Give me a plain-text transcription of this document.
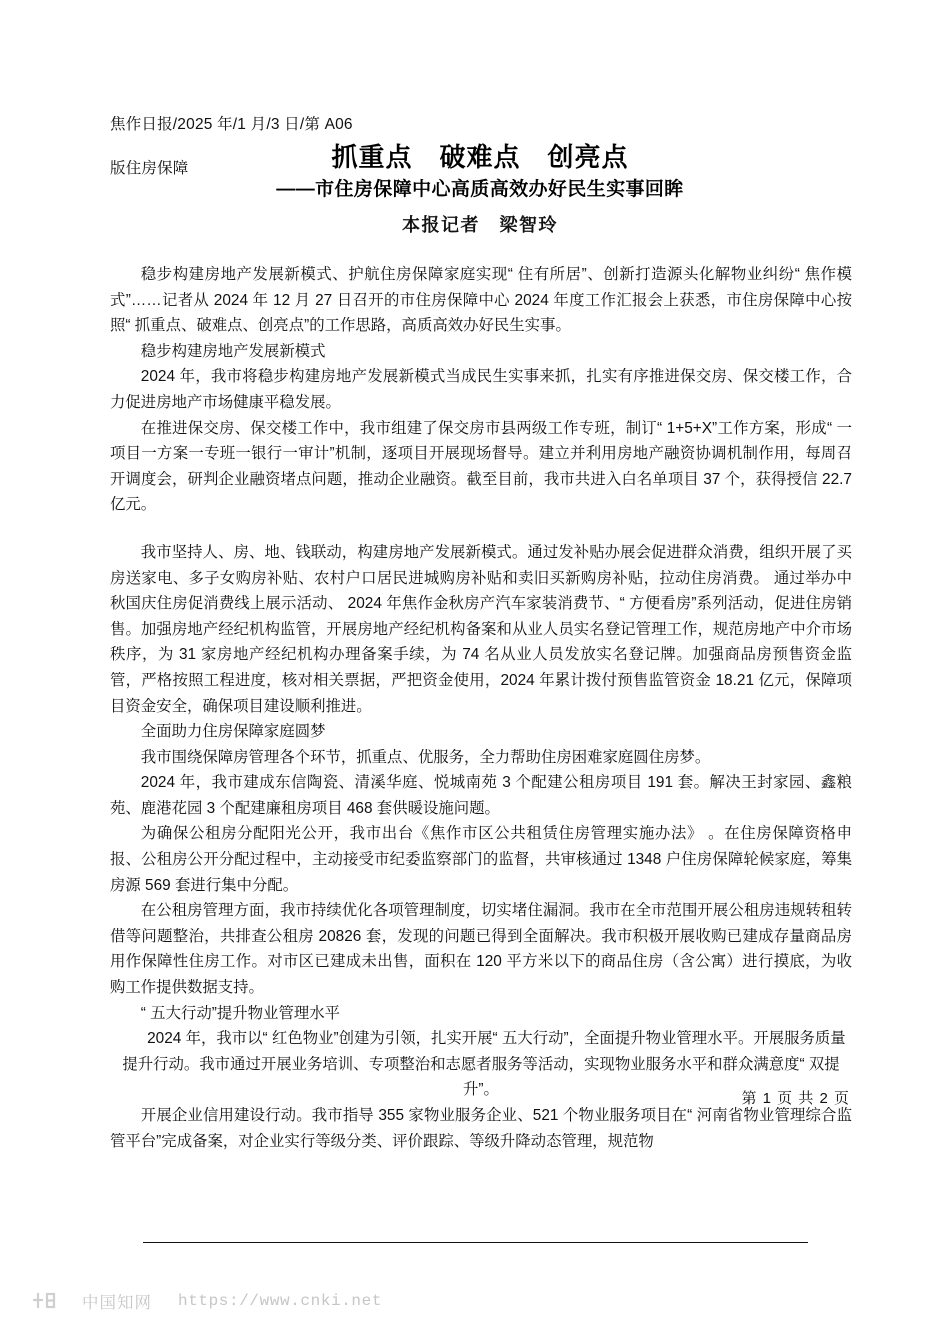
焦作日报/2025 年/1 月/3 日/第 A06

版住房保障	抓重点　破难点　创亮点
——市住房保障中心高质高效办好民生实事回眸
本报记者　梁智玲

稳步构建房地产发展新模式、护航住房保障家庭实现“ 住有所居”、创新打造源头化解物业纠纷“ 焦作模式”……记者从 2024 年 12 月 27 日召开的市住房保障中心 2024 年度工作汇报会上获悉，市住房保障中心按照“ 抓重点、破难点、创亮点”的工作思路，高质高效办好民生实事。

稳步构建房地产发展新模式

2024 年，我市将稳步构建房地产发展新模式当成民生实事来抓，扎实有序推进保交房、保交楼工作，合力促进房地产市场健康平稳发展。

在推进保交房、保交楼工作中，我市组建了保交房市县两级工作专班，制订“ 1+5+X”工作方案，形成“ 一项目一方案一专班一银行一审计”机制，逐项目开展现场督导。建立并利用房地产融资协调机制作用，每周召开调度会，研判企业融资堵点问题，推动企业融资。截至目前，我市共进入白名单项目 37 个，获得授信 22.7 亿元。

我市坚持人、房、地、钱联动，构建房地产发展新模式。通过发补贴办展会促进群众消费，组织开展了买房送家电、多子女购房补贴、农村户口居民进城购房补贴和卖旧买新购房补贴，拉动住房消费。 通过举办中秋国庆住房促消费线上展示活动、 2024 年焦作金秋房产汽车家装消费节、“ 方便看房”系列活动，促进住房销售。加强房地产经纪机构监管，开展房地产经纪机构备案和从业人员实名登记管理工作，规范房地产中介市场秩序，为 31 家房地产经纪机构办理备案手续，为 74 名从业人员发放实名登记牌。加强商品房预售资金监管，严格按照工程进度，核对相关票据，严把资金使用，2024 年累计拨付预售监管资金 18.21 亿元，保障项目资金安全，确保项目建设顺利推进。

全面助力住房保障家庭圆梦

我市围绕保障房管理各个环节，抓重点、优服务，全力帮助住房困难家庭圆住房梦。

2024 年，我市建成东信陶瓷、清溪华庭、悦城南苑 3 个配建公租房项目 191 套。解决王封家园、鑫粮苑、鹿港花园 3 个配建廉租房项目 468 套供暖设施问题。

为确保公租房分配阳光公开，我市出台《焦作市区公共租赁住房管理实施办法》 。在住房保障资格申报、公租房公开分配过程中，主动接受市纪委监察部门的监督，共审核通过 1348 户住房保障轮候家庭，筹集房源 569 套进行集中分配。

在公租房管理方面，我市持续优化各项管理制度，切实堵住漏洞。我市在全市范围开展公租房违规转租转借等问题整治，共排查公租房 20826 套，发现的问题已得到全面解决。我市积极开展收购已建成存量商品房用作保障性住房工作。对市区已建成未出售，面积在 120 平方米以下的商品住房（含公寓）进行摸底，为收购工作提供数据支持。

“ 五大行动”提升物业管理水平

2024 年，我市以“ 红色物业”创建为引领，扎实开展“ 五大行动”，全面提升物业管理水平。开展服务质量提升行动。我市通过开展业务培训、专项整治和志愿者服务等活动，实现物业服务水平和群众满意度“ 双提升”。

开展企业信用建设行动。我市指导 355 家物业服务企业、521 个物业服务项目在“ 河南省物业管理综合监管平台”完成备案，对企业实行等级分类、评价跟踪、等级升降动态管理，规范物

第 1 页 共 2 页
中国知网 https://www.cnki.net
